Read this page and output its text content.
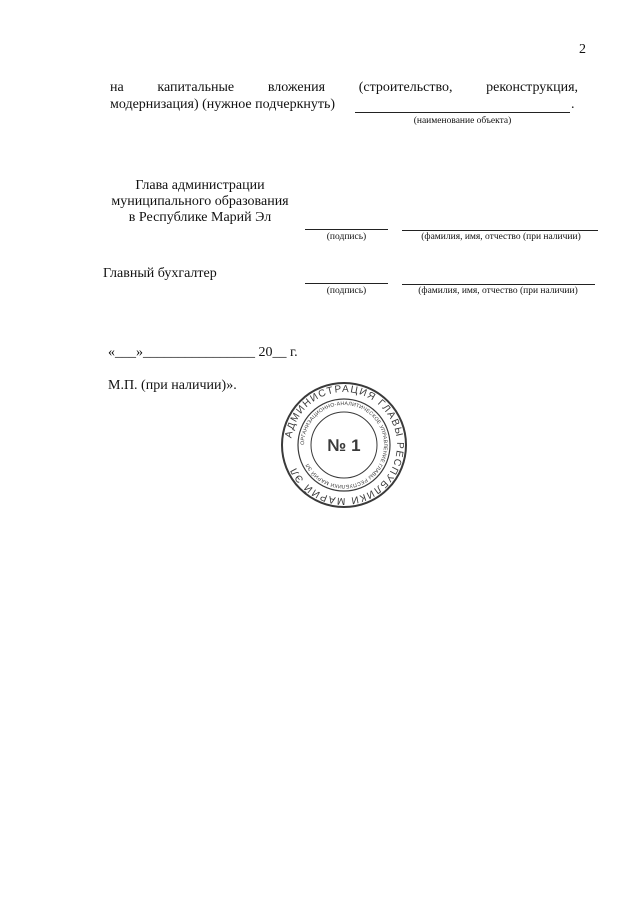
2
на капитальные вложения (строительство, реконструкция,
модернизация) (нужное подчеркнуть)	.
(наименование объекта)
Глава администрации
муниципального образования
в Республике Марий Эл
(подпись)	(фамилия, имя, отчество (при наличии)
Главный бухгалтер
(подпись)	(фамилия, имя, отчество (при наличии)
«___»________________ 20__ г.
М.П. (при наличии)».
АДМИНИСТРАЦИЯ ГЛАВЫ РЕСПУБЛИКИ МАРИЙ ЭЛ
ОРГАНИЗАЦИОННО-АНАЛИТИЧЕСКОЕ УПРАВЛЕНИЕ ГЛАВЫ РЕСПУБЛИКИ МАРИЙ ЭЛ
№ 1
